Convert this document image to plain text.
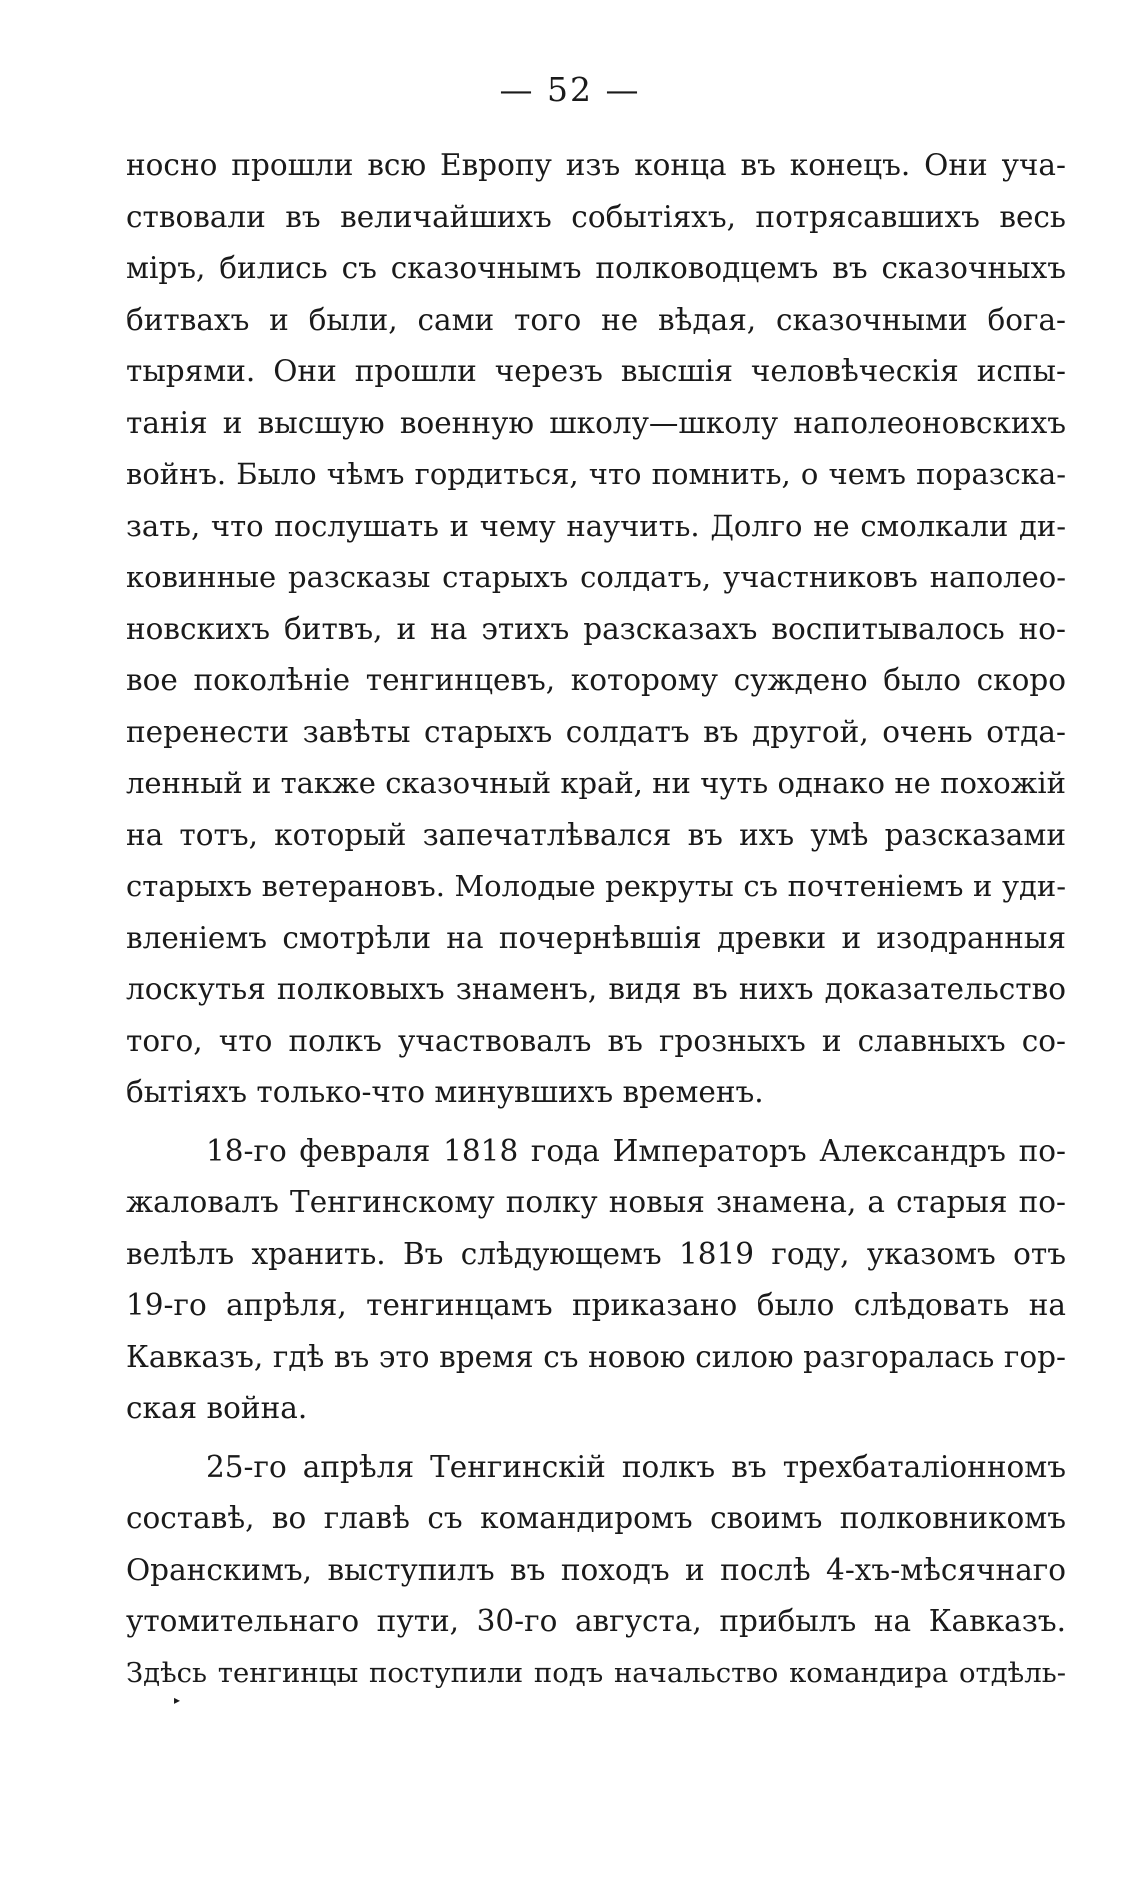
— 52 —
носно прошли всю Европу изъ конца въ конецъ. Они уча-
ствовали въ величайшихъ событіяхъ, потрясавшихъ весь
міръ, бились съ сказочнымъ полководцемъ въ сказочныхъ
битвахъ и были, сами того не вѣдая, сказочными бога-
тырями. Они прошли черезъ высшія человѣческія испы-
танія и высшую военную школу—школу наполеоновскихъ
войнъ. Было чѣмъ гордиться, что помнить, о чемъ поразска-
зать, что послушать и чему научить. Долго не смолкали ди-
ковинные разсказы старыхъ солдатъ, участниковъ наполео-
новскихъ битвъ, и на этихъ разсказахъ воспитывалось но-
вое поколѣніе тенгинцевъ, которому суждено было скоро
перенести завѣты старыхъ солдатъ въ другой, очень отда-
ленный и также сказочный край, ни чуть однако не похожій
на тотъ, который запечатлѣвался въ ихъ умѣ разсказами
старыхъ ветерановъ. Молодые рекруты съ почтеніемъ и уди-
вленіемъ смотрѣли на почернѣвшія древки и изодранныя
лоскутья полковыхъ знаменъ, видя въ нихъ доказательство
того, что полкъ участвовалъ въ грозныхъ и славныхъ со-
бытіяхъ только-что минувшихъ временъ.
18-го февраля 1818 года Императоръ Александръ по-
жаловалъ Тенгинскому полку новыя знамена, а старыя по-
велѣлъ хранить. Въ слѣдующемъ 1819 году, указомъ отъ
19-го апрѣля, тенгинцамъ приказано было слѣдовать на
Кавказъ, гдѣ въ это время съ новою силою разгоралась гор-
ская война.
25-го апрѣля Тенгинскій полкъ въ трехбаталіонномъ
составѣ, во главѣ съ командиромъ своимъ полковникомъ
Оранскимъ, выступилъ въ походъ и послѣ 4-хъ-мѣсячнаго
утомительнаго пути, 30-го августа, прибылъ на Кавказъ.
Здѣсь тенгинцы поступили подъ начальство командира отдѣль-
▸
